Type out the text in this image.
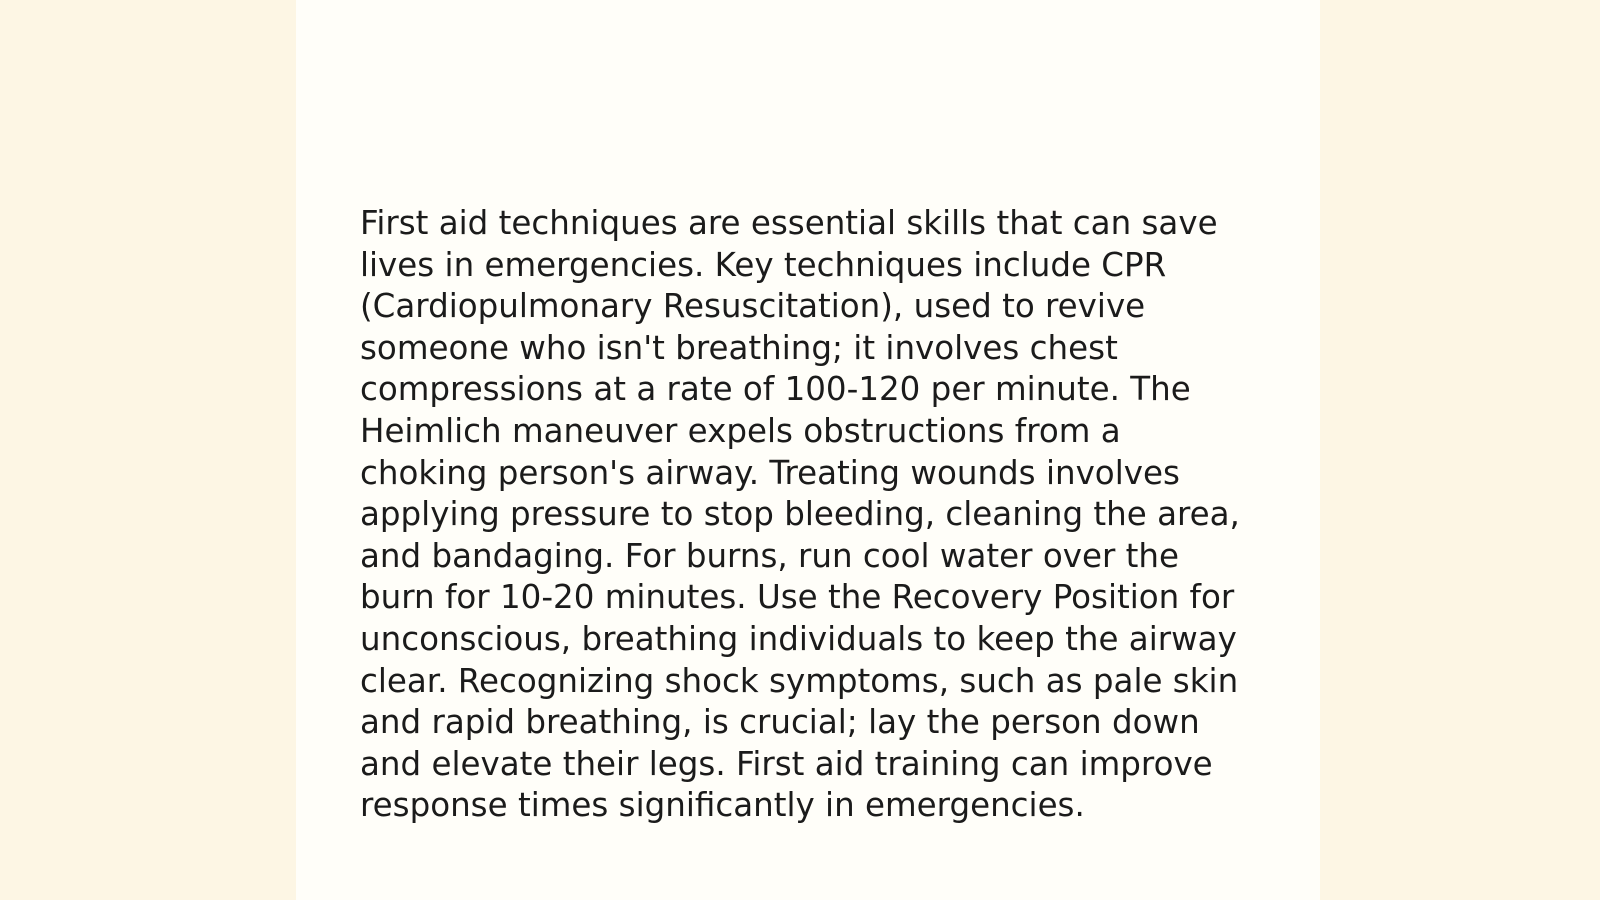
First aid techniques are essential skills that can save
lives in emergencies. Key techniques include CPR
(Cardiopulmonary Resuscitation), used to revive
someone who isn't breathing; it involves chest
compressions at a rate of 100-120 per minute. The
Heimlich maneuver expels obstructions from a
choking person's airway. Treating wounds involves
applying pressure to stop bleeding, cleaning the area,
and bandaging. For burns, run cool water over the
burn for 10-20 minutes. Use the Recovery Position for
unconscious, breathing individuals to keep the airway
clear. Recognizing shock symptoms, such as pale skin
and rapid breathing, is crucial; lay the person down
and elevate their legs. First aid training can improve
response times significantly in emergencies.
